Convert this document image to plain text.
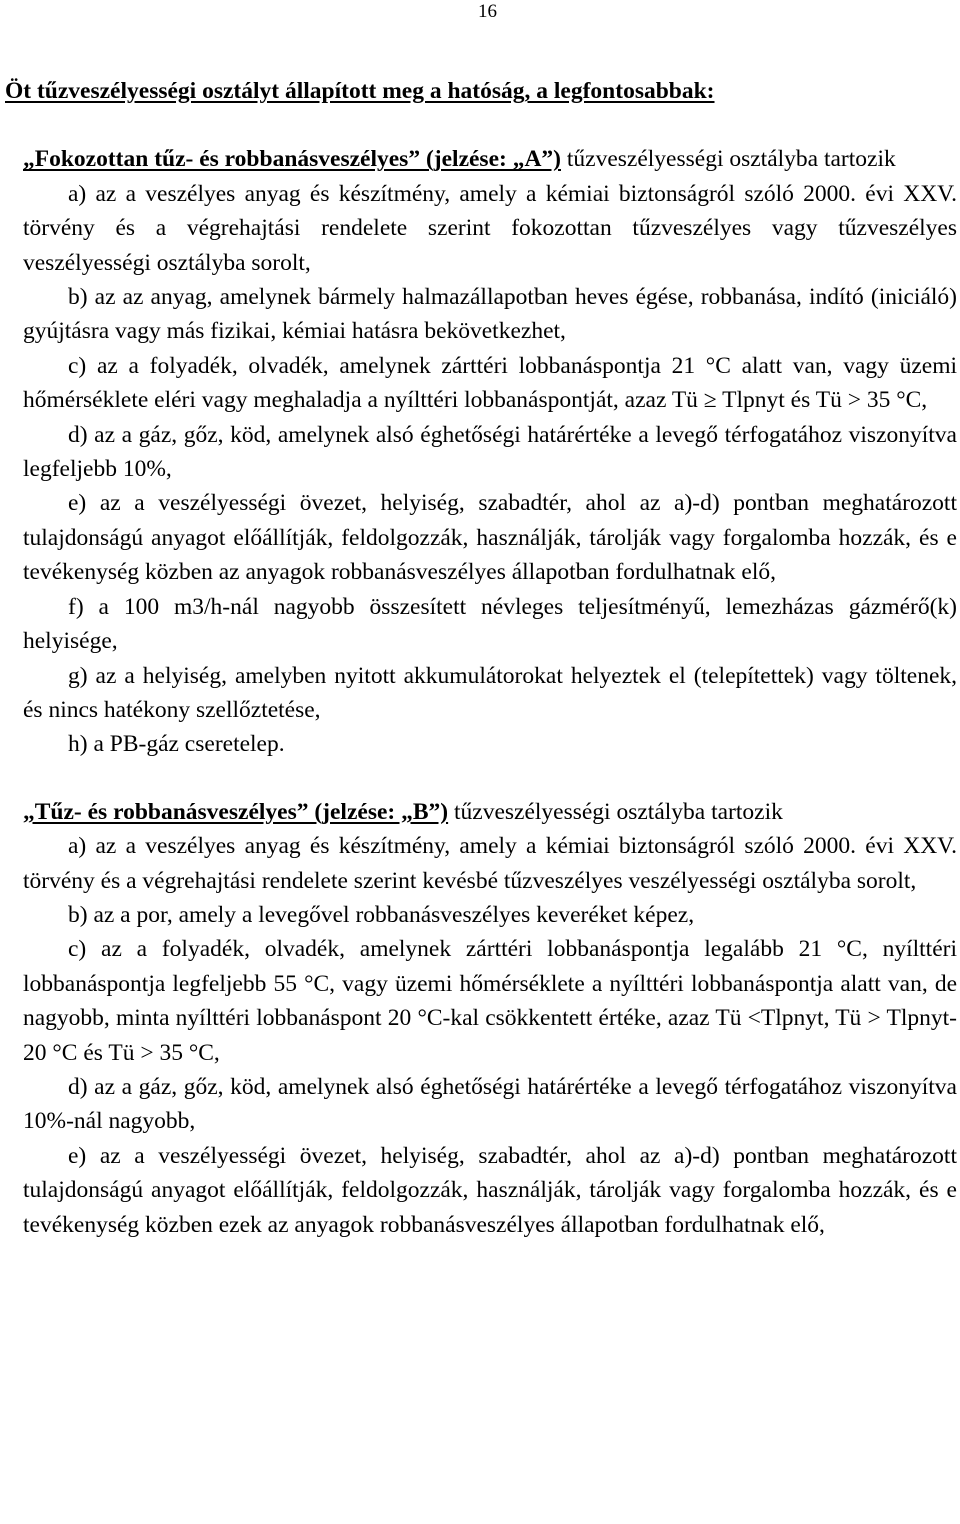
16

Öt tűzveszélyességi osztályt állapított meg a hatóság, a legfontosabbak:

„Fokozottan tűz- és robbanásveszélyes” (jelzése: „A”) tűzveszélyességi osztályba tartozik

a) az a veszélyes anyag és készítmény, amely a kémiai biztonságról szóló 2000. évi XXV. törvény és a végrehajtási rendelete szerint fokozottan tűzveszélyes vagy tűzveszélyes veszélyességi osztályba sorolt,

b) az az anyag, amelynek bármely halmazállapotban heves égése, robbanása, indító (iniciáló) gyújtásra vagy más fizikai, kémiai hatásra bekövetkezhet,

c) az a folyadék, olvadék, amelynek zárttéri lobbanáspontja 21 °C alatt van, vagy üzemi hőmérséklete eléri vagy meghaladja a nyílttéri lobbanáspontját, azaz Tü ≥ Tlpnyt és Tü > 35 °C,

d) az a gáz, gőz, köd, amelynek alsó éghetőségi határértéke a levegő térfogatához viszonyítva legfeljebb 10%,

e) az a veszélyességi övezet, helyiség, szabadtér, ahol az a)-d) pontban meghatározott tulajdonságú anyagot előállítják, feldolgozzák, használják, tárolják vagy forgalomba hozzák, és e tevékenység közben az anyagok robbanásveszélyes állapotban fordulhatnak elő,

f) a 100 m3/h-nál nagyobb összesített névleges teljesítményű, lemezházas gázmérő(k) helyisége,

g) az a helyiség, amelyben nyitott akkumulátorokat helyeztek el (telepítettek) vagy töltenek, és nincs hatékony szellőztetése,

h) a PB-gáz cseretelep.

„Tűz- és robbanásveszélyes” (jelzése: „B”) tűzveszélyességi osztályba tartozik

a) az a veszélyes anyag és készítmény, amely a kémiai biztonságról szóló 2000. évi XXV. törvény és a végrehajtási rendelete szerint kevésbé tűzveszélyes veszélyességi osztályba sorolt,

b) az a por, amely a levegővel robbanásveszélyes keveréket képez,

c) az a folyadék, olvadék, amelynek zárttéri lobbanáspontja legalább 21 °C, nyílttéri lobbanáspontja legfeljebb 55 °C, vagy üzemi hőmérséklete a nyílttéri lobbanáspontja alatt van, de nagyobb, minta nyílttéri lobbanáspont 20 °C-kal csökkentett értéke, azaz Tü <Tlpnyt, Tü > Tlpnyt-20 °C és Tü > 35 °C,

d) az a gáz, gőz, köd, amelynek alsó éghetőségi határértéke a levegő térfogatához viszonyítva 10%-nál nagyobb,

e) az a veszélyességi övezet, helyiség, szabadtér, ahol az a)-d) pontban meghatározott tulajdonságú anyagot előállítják, feldolgozzák, használják, tárolják vagy forgalomba hozzák, és e tevékenység közben ezek az anyagok robbanásveszélyes állapotban fordulhatnak elő,
